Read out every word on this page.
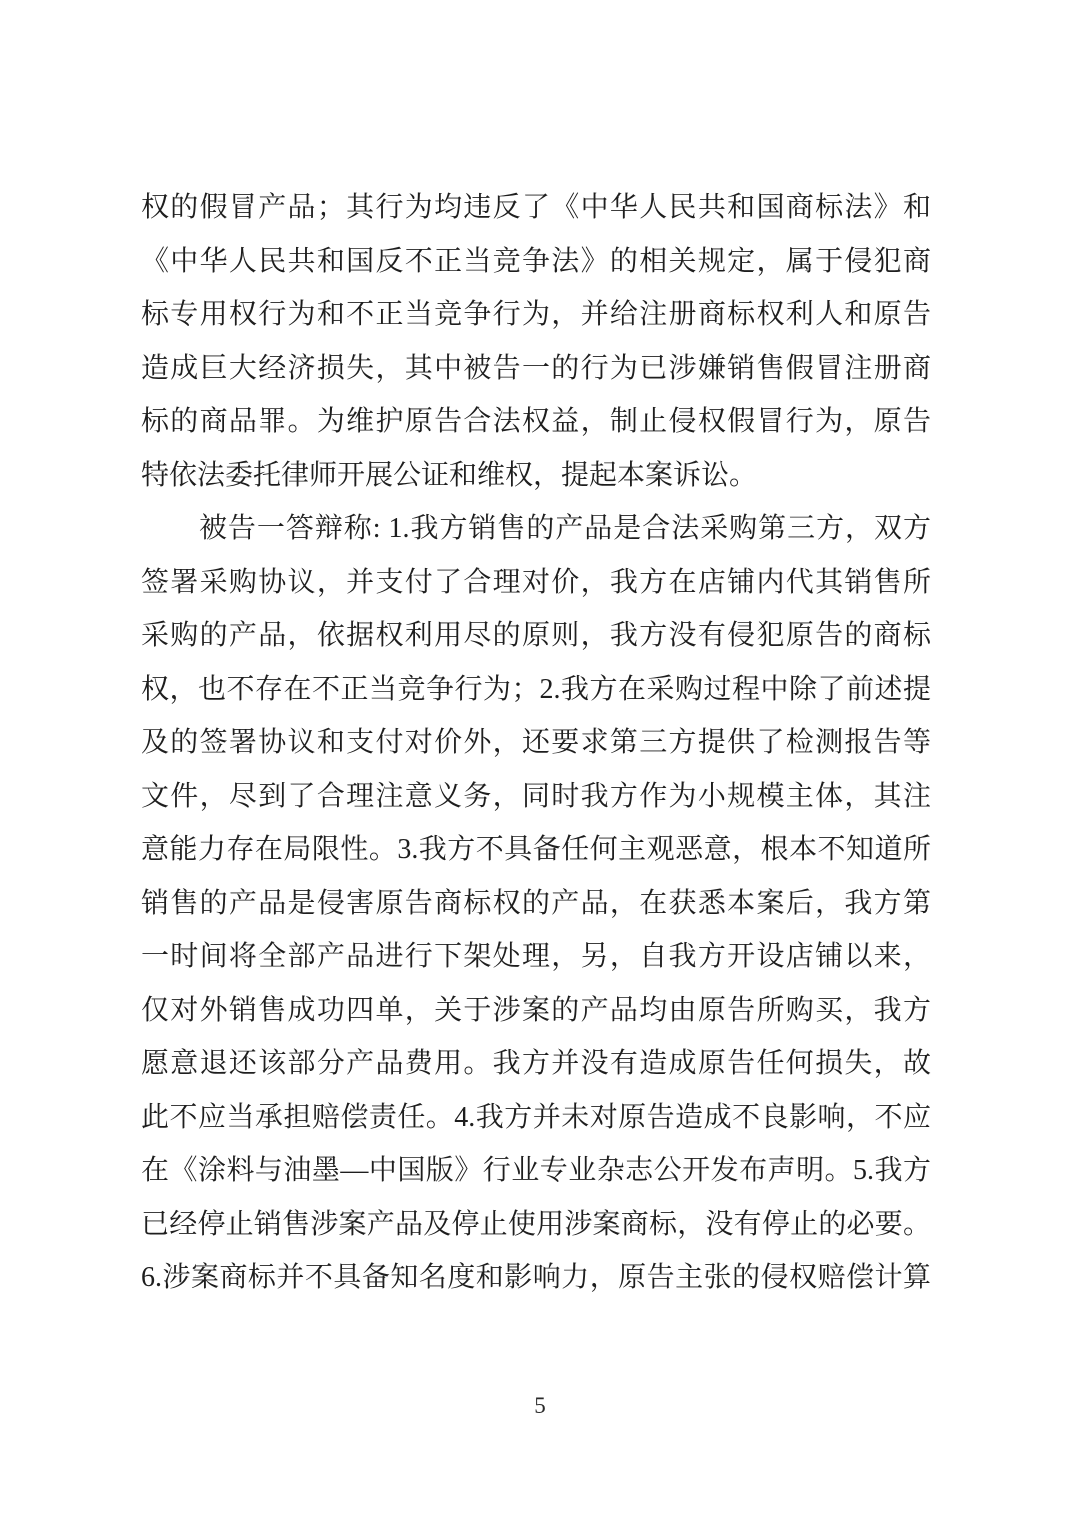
权的假冒产品；其行为均违反了《中华人民共和国商标法》和
《中华人民共和国反不正当竞争法》的相关规定，属于侵犯商
标专用权行为和不正当竞争行为，并给注册商标权利人和原告
造成巨大经济损失，其中被告一的行为已涉嫌销售假冒注册商
标的商品罪。为维护原告合法权益，制止侵权假冒行为，原告
特依法委托律师开展公证和维权，提起本案诉讼。
　　被告一答辩称: 1.我方销售的产品是合法采购第三方，双方
签署采购协议，并支付了合理对价，我方在店铺内代其销售所
采购的产品，依据权利用尽的原则，我方没有侵犯原告的商标
权，也不存在不正当竞争行为；2.我方在采购过程中除了前述提
及的签署协议和支付对价外，还要求第三方提供了检测报告等
文件，尽到了合理注意义务，同时我方作为小规模主体，其注
意能力存在局限性。3.我方不具备任何主观恶意，根本不知道所
销售的产品是侵害原告商标权的产品，在获悉本案后，我方第
一时间将全部产品进行下架处理，另，自我方开设店铺以来，
仅对外销售成功四单，关于涉案的产品均由原告所购买，我方
愿意退还该部分产品费用。我方并没有造成原告任何损失，故
此不应当承担赔偿责任。4.我方并未对原告造成不良影响，不应
在《涂料与油墨—中国版》行业专业杂志公开发布声明。5.我方
已经停止销售涉案产品及停止使用涉案商标，没有停止的必要。
6.涉案商标并不具备知名度和影响力，原告主张的侵权赔偿计算
5
